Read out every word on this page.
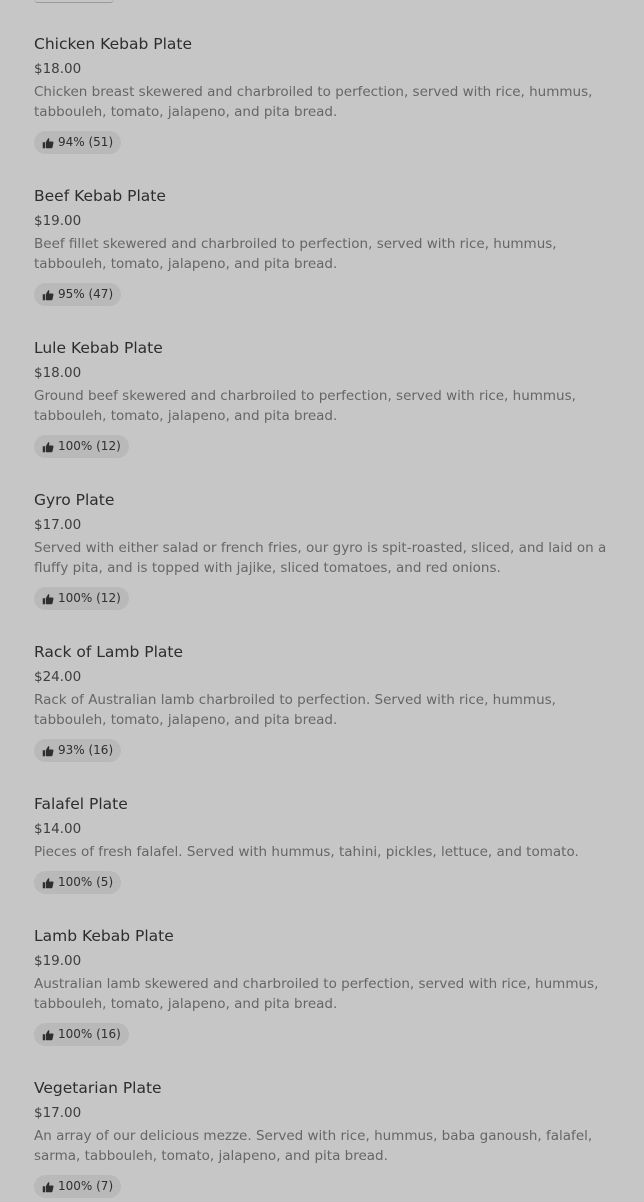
Chicken Kebab Plate
$18.00
Chicken breast skewered and charbroiled to perfection, served with rice, hummus, tabbouleh, tomato, jalapeno, and pita bread.
94% (51)
Beef Kebab Plate
$19.00
Beef fillet skewered and charbroiled to perfection, served with rice, hummus, tabbouleh, tomato, jalapeno, and pita bread.
95% (47)
Lule Kebab Plate
$18.00
Ground beef skewered and charbroiled to perfection, served with rice, hummus, tabbouleh, tomato, jalapeno, and pita bread.
100% (12)
Gyro Plate
$17.00
Served with either salad or french fries, our gyro is spit-roasted, sliced, and laid on a fluffy pita, and is topped with jajike, sliced tomatoes, and red onions.
100% (12)
Rack of Lamb Plate
$24.00
Rack of Australian lamb charbroiled to perfection. Served with rice, hummus, tabbouleh, tomato, jalapeno, and pita bread.
93% (16)
Falafel Plate
$14.00
Pieces of fresh falafel. Served with hummus, tahini, pickles, lettuce, and tomato.
100% (5)
Lamb Kebab Plate
$19.00
Australian lamb skewered and charbroiled to perfection, served with rice, hummus, tabbouleh, tomato, jalapeno, and pita bread.
100% (16)
Vegetarian Plate
$17.00
An array of our delicious mezze. Served with rice, hummus, baba ganoush, falafel, sarma, tabbouleh, tomato, jalapeno, and pita bread.
100% (7)
